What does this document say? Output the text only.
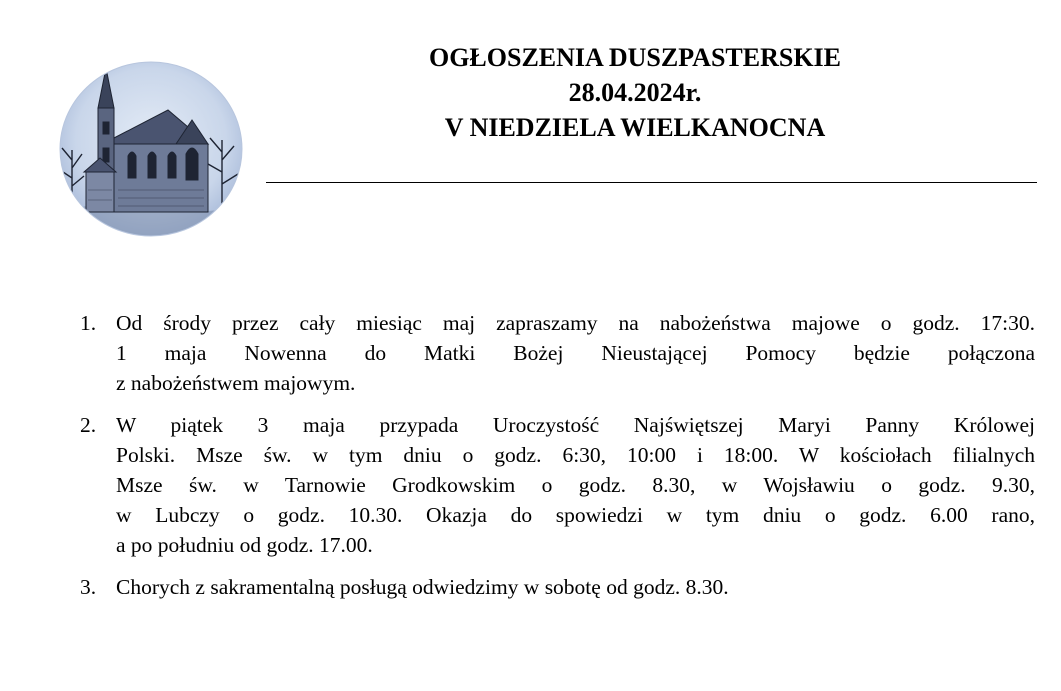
OGŁOSZENIA DUSZPASTERSKIE
28.04.2024r.
V NIEDZIELA WIELKANOCNA
1. Od środy przez cały miesiąc maj zapraszamy na nabożeństwa majowe o godz. 17:30.
1 maja Nowenna do Matki Bożej Nieustającej Pomocy będzie połączona
z nabożeństwem majowym.
2. W piątek 3 maja przypada Uroczystość Najświętszej Maryi Panny Królowej
Polski. Msze św. w tym dniu o godz. 6:30, 10:00 i 18:00. W kościołach filialnych
Msze św. w Tarnowie Grodkowskim o godz. 8.30, w Wojsławiu o godz. 9.30,
w Lubczy o godz. 10.30. Okazja do spowiedzi w tym dniu o godz. 6.00 rano,
a po południu od godz. 17.00.
3. Chorych z sakramentalną posługą odwiedzimy w sobotę od godz. 8.30.
